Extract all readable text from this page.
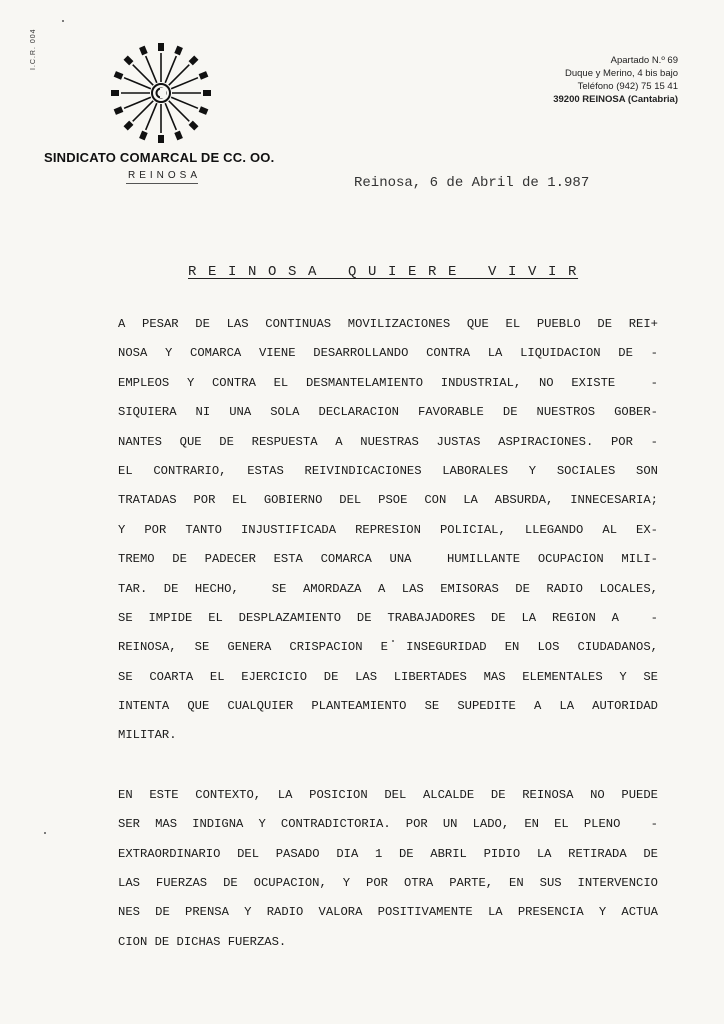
I.C.R. 004
SINDICATO COMARCAL DE CC. OO.
REINOSA
Apartado N.º 69
Duque y Merino, 4 bis bajo
Teléfono (942) 75 15 41
39200 REINOSA (Cantabria)
Reinosa, 6 de Abril de 1.987
R E I N O S A   Q U I E R E   V I V I R
A PESAR DE LAS CONTINUAS MOVILIZACIONES QUE EL PUEBLO DE REI+
NOSA Y COMARCA VIENE DESARROLLANDO CONTRA LA LIQUIDACION DE -
EMPLEOS Y CONTRA EL DESMANTELAMIENTO INDUSTRIAL, NO EXISTE  -
SIQUIERA NI UNA SOLA DECLARACION FAVORABLE DE NUESTROS GOBER-
NANTES QUE DE RESPUESTA A NUESTRAS JUSTAS ASPIRACIONES. POR -
EL CONTRARIO, ESTAS REIVINDICACIONES LABORALES Y SOCIALES SON
TRATADAS POR EL GOBIERNO DEL PSOE CON LA ABSURDA, INNECESARIA;
Y POR TANTO INJUSTIFICADA REPRESION POLICIAL, LLEGANDO AL EX-
TREMO DE PADECER ESTA COMARCA UNA  HUMILLANTE OCUPACION MILI-
TAR. DE HECHO,  SE AMORDAZA A LAS EMISORAS DE RADIO LOCALES,
SE IMPIDE EL DESPLAZAMIENTO DE TRABAJADORES DE LA REGION A  -
REINOSA, SE GENERA CRISPACION E INSEGURIDAD EN LOS CIUDADANOS,
SE COARTA EL EJERCICIO DE LAS LIBERTADES MAS ELEMENTALES Y SE
INTENTA QUE CUALQUIER PLANTEAMIENTO SE SUPEDITE A LA AUTORIDAD
MILITAR.
EN ESTE CONTEXTO, LA POSICION DEL ALCALDE DE REINOSA NO PUEDE
SER MAS INDIGNA Y CONTRADICTORIA. POR UN LADO, EN EL PLENO  -
EXTRAORDINARIO DEL PASADO DIA 1 DE ABRIL PIDIO LA RETIRADA DE
LAS FUERZAS DE OCUPACION, Y POR OTRA PARTE, EN SUS INTERVENCIO
NES DE PRENSA Y RADIO VALORA POSITIVAMENTE LA PRESENCIA Y ACTUA
CION DE DICHAS FUERZAS.
